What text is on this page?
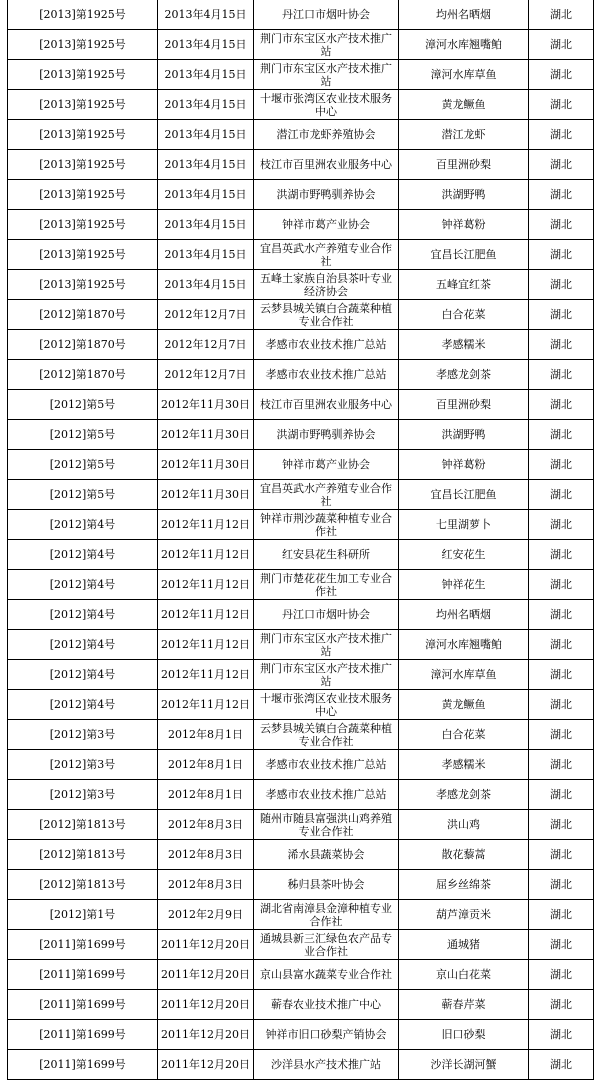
[2013]第1925号	2013年4月15日	丹江口市烟叶协会	均州名晒烟	湖北
[2013]第1925号	2013年4月15日	荆门市东宝区水产技术推广站	漳河水库翘嘴鲌	湖北
[2013]第1925号	2013年4月15日	荆门市东宝区水产技术推广站	漳河水库草鱼	湖北
[2013]第1925号	2013年4月15日	十堰市张湾区农业技术服务中心	黄龙鳜鱼	湖北
[2013]第1925号	2013年4月15日	潜江市龙虾养殖协会	潜江龙虾	湖北
[2013]第1925号	2013年4月15日	枝江市百里洲农业服务中心	百里洲砂梨	湖北
[2013]第1925号	2013年4月15日	洪湖市野鸭驯养协会	洪湖野鸭	湖北
[2013]第1925号	2013年4月15日	钟祥市葛产业协会	钟祥葛粉	湖北
[2013]第1925号	2013年4月15日	宜昌英武水产养殖专业合作社	宜昌长江肥鱼	湖北
[2013]第1925号	2013年4月15日	五峰土家族自治县茶叶专业经济协会	五峰宜红茶	湖北
[2012]第1870号	2012年12月7日	云梦县城关镇白合蔬菜种植专业合作社	白合花菜	湖北
[2012]第1870号	2012年12月7日	孝感市农业技术推广总站	孝感糯米	湖北
[2012]第1870号	2012年12月7日	孝感市农业技术推广总站	孝感龙剑茶	湖北
[2012]第5号	2012年11月30日	枝江市百里洲农业服务中心	百里洲砂梨	湖北
[2012]第5号	2012年11月30日	洪湖市野鸭驯养协会	洪湖野鸭	湖北
[2012]第5号	2012年11月30日	钟祥市葛产业协会	钟祥葛粉	湖北
[2012]第5号	2012年11月30日	宜昌英武水产养殖专业合作社	宜昌长江肥鱼	湖北
[2012]第4号	2012年11月12日	钟祥市荆沙蔬菜种植专业合作社	七里湖萝卜	湖北
[2012]第4号	2012年11月12日	红安县花生科研所	红安花生	湖北
[2012]第4号	2012年11月12日	荆门市楚花花生加工专业合作社	钟祥花生	湖北
[2012]第4号	2012年11月12日	丹江口市烟叶协会	均州名晒烟	湖北
[2012]第4号	2012年11月12日	荆门市东宝区水产技术推广站	漳河水库翘嘴鲌	湖北
[2012]第4号	2012年11月12日	荆门市东宝区水产技术推广站	漳河水库草鱼	湖北
[2012]第4号	2012年11月12日	十堰市张湾区农业技术服务中心	黄龙鳜鱼	湖北
[2012]第3号	2012年8月1日	云梦县城关镇白合蔬菜种植专业合作社	白合花菜	湖北
[2012]第3号	2012年8月1日	孝感市农业技术推广总站	孝感糯米	湖北
[2012]第3号	2012年8月1日	孝感市农业技术推广总站	孝感龙剑茶	湖北
[2012]第1813号	2012年8月3日	随州市随县富强洪山鸡养殖专业合作社	洪山鸡	湖北
[2012]第1813号	2012年8月3日	浠水县蔬菜协会	散花藜蒿	湖北
[2012]第1813号	2012年8月3日	秭归县茶叶协会	屈乡丝绵茶	湖北
[2012]第1号	2012年2月9日	湖北省南漳县金漳种植专业合作社	葫芦漳贡米	湖北
[2011]第1699号	2011年12月20日	通城县新三汇绿色农产品专业合作社	通城猪	湖北
[2011]第1699号	2011年12月20日	京山县富水蔬菜专业合作社	京山白花菜	湖北
[2011]第1699号	2011年12月20日	蕲春农业技术推广中心	蕲春芹菜	湖北
[2011]第1699号	2011年12月20日	钟祥市旧口砂梨产销协会	旧口砂梨	湖北
[2011]第1699号	2011年12月20日	沙洋县水产技术推广站	沙洋长湖河蟹	湖北
